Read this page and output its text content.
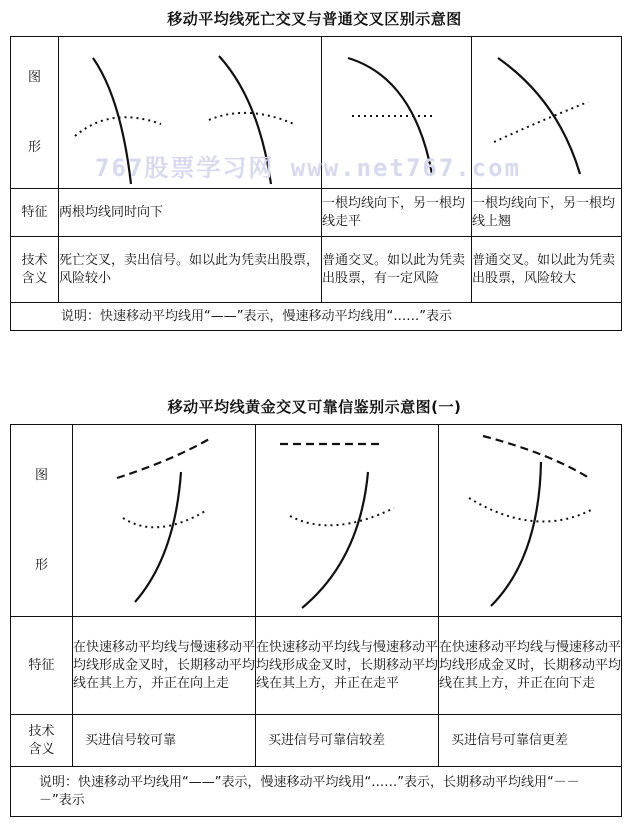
移动平均线死亡交叉与普通交叉区别示意图
图
形

特征	两根均线同时向下	一根均线向下，另一根均线走平	一根均线向下，另一根均线上翘

技术
含义	死亡交叉，卖出信号。如以此为凭卖出股票，风险较小	普通交叉。如以此为凭卖出股票，有一定风险	普通交叉。如以此为凭卖出股票，风险较大
说明：快速移动平均线用“——”表示，慢速移动平均线用“……”表示			
767股票学习网 www.net767.com
移动平均线黄金交叉可靠信鉴别示意图(一)
图
形

特征	在快速移动平均线与慢速移动平均线形成金叉时，长期移动平均线在其上方，并正在向上走	在快速移动平均线与慢速移动平均线形成金叉时，长期移动平均线在其上方，并正在走平	在快速移动平均线与慢速移动平均线形成金叉时，长期移动平均线在其上方，并正在向下走

技术
含义	买进信号较可靠	买进信号可靠信较差	买进信号可靠信更差
说明：快速移动平均线用“——”表示，慢速移动平均线用“……”表示，长期移动平均线用“－－－”表示			
